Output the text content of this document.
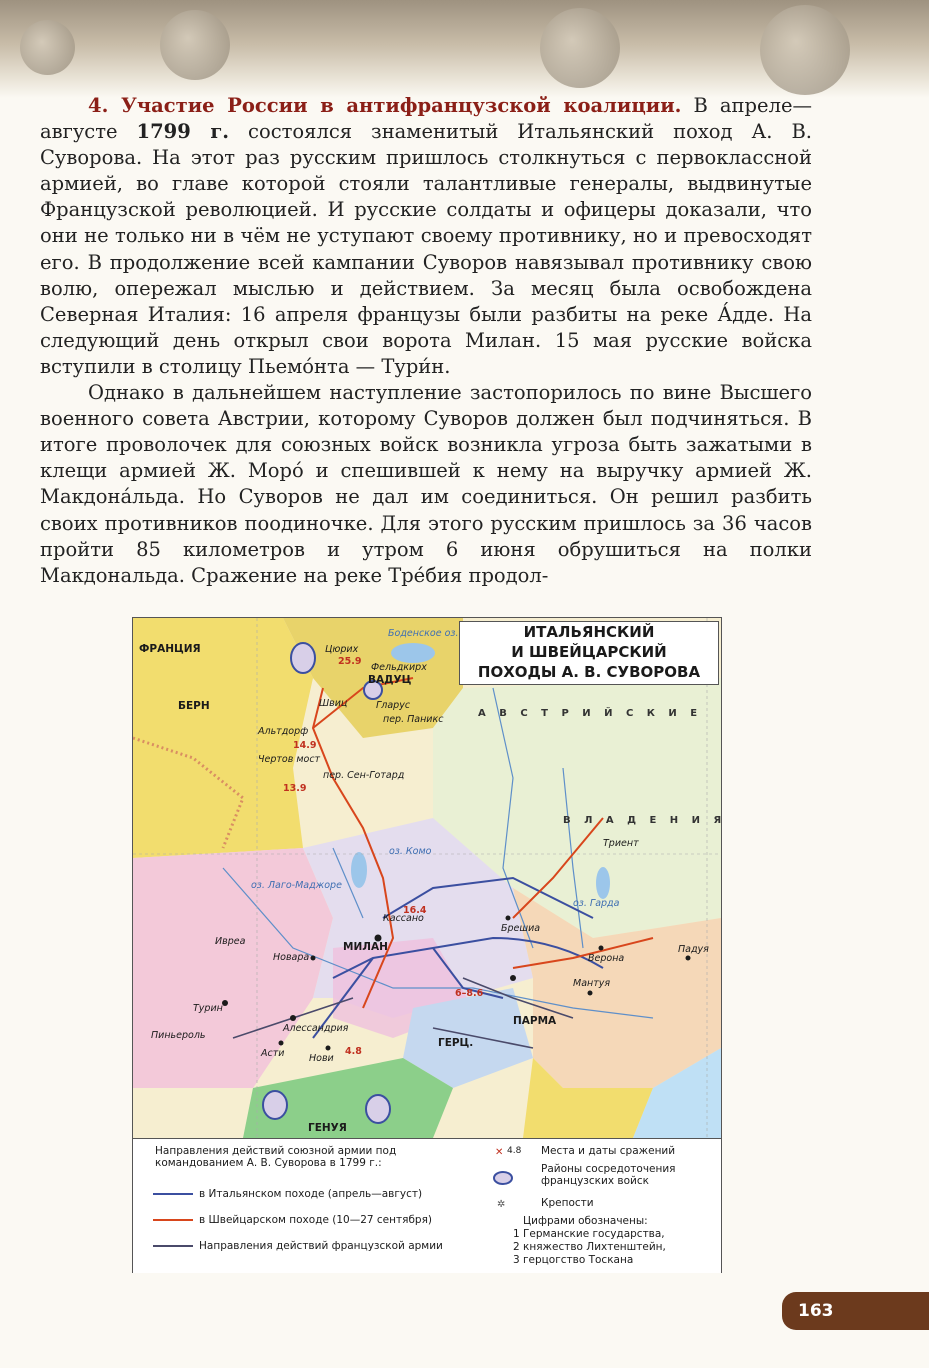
4. Участие России в антифранцузской коалиции. В апреле—августе 1799 г. состоялся знаменитый Итальянский поход А. В. Суворова. На этот раз русским пришлось столкнуться с первоклассной армией, во главе которой стояли талантливые генералы, выдвинутые Французской революцией. И русские солдаты и офицеры доказали, что они не только ни в чём не уступают своему противнику, но и превосходят его. В продолжение всей кампании Суворов навязывал противнику свою волю, опережал мыслью и действием. За месяц была освобождена Северная Италия: 16 апреля французы были разбиты на реке А́дде. На следующий день открыл свои ворота Милан. 15 мая русские войска вступили в столицу Пьемо́нта — Тури́н.

Однако в дальнейшем наступление застопорилось по вине Высшего военного совета Австрии, которому Суворов должен был подчиняться. В итоге проволочек для союзных войск возникла угроза быть зажатыми в клещи армией Ж. Моро́ и спешившей к нему на выручку армией Ж. Макдона́льда. Но Суворов не дал им соединиться. Он решил разбить своих противников поодиночке. Для этого русским пришлось за 36 часов пройти 85 километров и утром 6 июня обрушиться на полки Макдональда. Сражение на реке Тре́бия продол-

ИТАЛЬЯНСКИЙ
И ШВЕЙЦАРСКИЙ
ПОХОДЫ А. В. СУВОРОВА
ФРАНЦИЯ
БЕРН
ВАДУЦ
МИЛАН
ПАРМА
ГЕНУЯ
А В С Т Р И Й С К И Е
В Л А Д Е Н И Я
ГЕРЦ.
Турин
Алессандрия
Асти	Нови
Новара
Ивреа
Пиньероль
Кассано
Брешиа
Верона
Падуя
Мантуя
Триент
Цюрих
Фельдкирх
Швиц	Гларус
Альтдорф
Чертов мост
пер. Сен-Готард
пер. Паникс
Боденское оз.
оз. Лаго-Маджоре
оз. Гарда
оз. Комо
16.4
6–8.6
4.8
13.9
14.9
25.9
Направления действий союзной армии под командованием А. В. Суворова в 1799 г.:
✕
✲
в Итальянском походе (апрель—август)
в Швейцарском походе (10—27 сентября)
Направления действий французской армии
4.8 Места и даты сражений
Районы сосредоточения французских войск
Крепости
Цифрами обозначены:
1 Германские государства,
2 княжество Лихтенштейн,
3 герцогство Тоскана
163
